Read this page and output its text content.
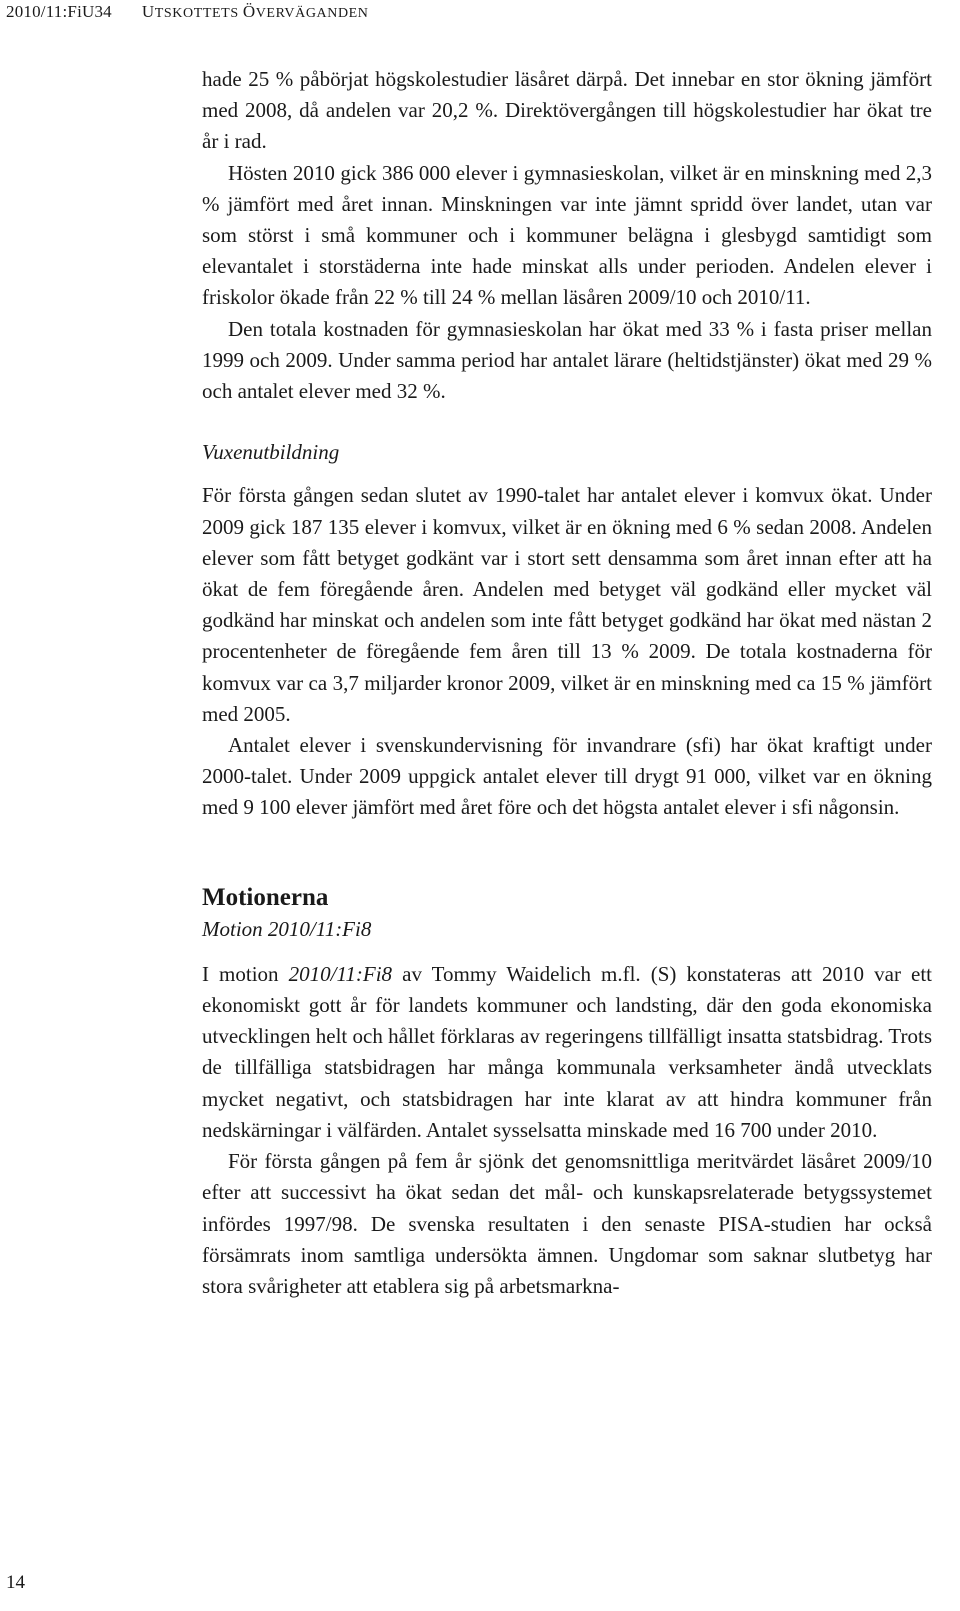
2010/11:FiU34 UTSKOTTETS ÖVERVÄGANDEN

hade 25 % påbörjat högskolestudier läsåret därpå. Det innebar en stor ökning jämfört med 2008, då andelen var 20,2 %. Direktövergången till högskolestudier har ökat tre år i rad.

Hösten 2010 gick 386 000 elever i gymnasieskolan, vilket är en minskning med 2,3 % jämfört med året innan. Minskningen var inte jämnt spridd över landet, utan var som störst i små kommuner och i kommuner belägna i glesbygd samtidigt som elevantalet i storstäderna inte hade minskat alls under perioden. Andelen elever i friskolor ökade från 22 % till 24 % mellan läsåren 2009/10 och 2010/11.

Den totala kostnaden för gymnasieskolan har ökat med 33 % i fasta priser mellan 1999 och 2009. Under samma period har antalet lärare (heltidstjänster) ökat med 29 % och antalet elever med 32 %.

Vuxenutbildning

För första gången sedan slutet av 1990-talet har antalet elever i komvux ökat. Under 2009 gick 187 135 elever i komvux, vilket är en ökning med 6 % sedan 2008. Andelen elever som fått betyget godkänt var i stort sett densamma som året innan efter att ha ökat de fem föregående åren. Andelen med betyget väl godkänd eller mycket väl godkänd har minskat och andelen som inte fått betyget godkänd har ökat med nästan 2 procentenheter de föregående fem åren till 13 % 2009. De totala kostnaderna för komvux var ca 3,7 miljarder kronor 2009, vilket är en minskning med ca 15 % jämfört med 2005.

Antalet elever i svenskundervisning för invandrare (sfi) har ökat kraftigt under 2000-talet. Under 2009 uppgick antalet elever till drygt 91 000, vilket var en ökning med 9 100 elever jämfört med året före och det högsta antalet elever i sfi någonsin.

Motionerna

Motion 2010/11:Fi8

I motion 2010/11:Fi8 av Tommy Waidelich m.fl. (S) konstateras att 2010 var ett ekonomiskt gott år för landets kommuner och landsting, där den goda ekonomiska utvecklingen helt och hållet förklaras av regeringens tillfälligt insatta statsbidrag. Trots de tillfälliga statsbidragen har många kommunala verksamheter ändå utvecklats mycket negativt, och statsbidragen har inte klarat av att hindra kommuner från nedskärningar i välfärden. Antalet sysselsatta minskade med 16 700 under 2010.

För första gången på fem år sjönk det genomsnittliga meritvärdet läsåret 2009/10 efter att successivt ha ökat sedan det mål- och kunskapsrelaterade betygssystemet infördes 1997/98. De svenska resultaten i den senaste PISA-studien har också försämrats inom samtliga undersökta ämnen. Ungdomar som saknar slutbetyg har stora svårigheter att etablera sig på arbetsmarkna-

14
